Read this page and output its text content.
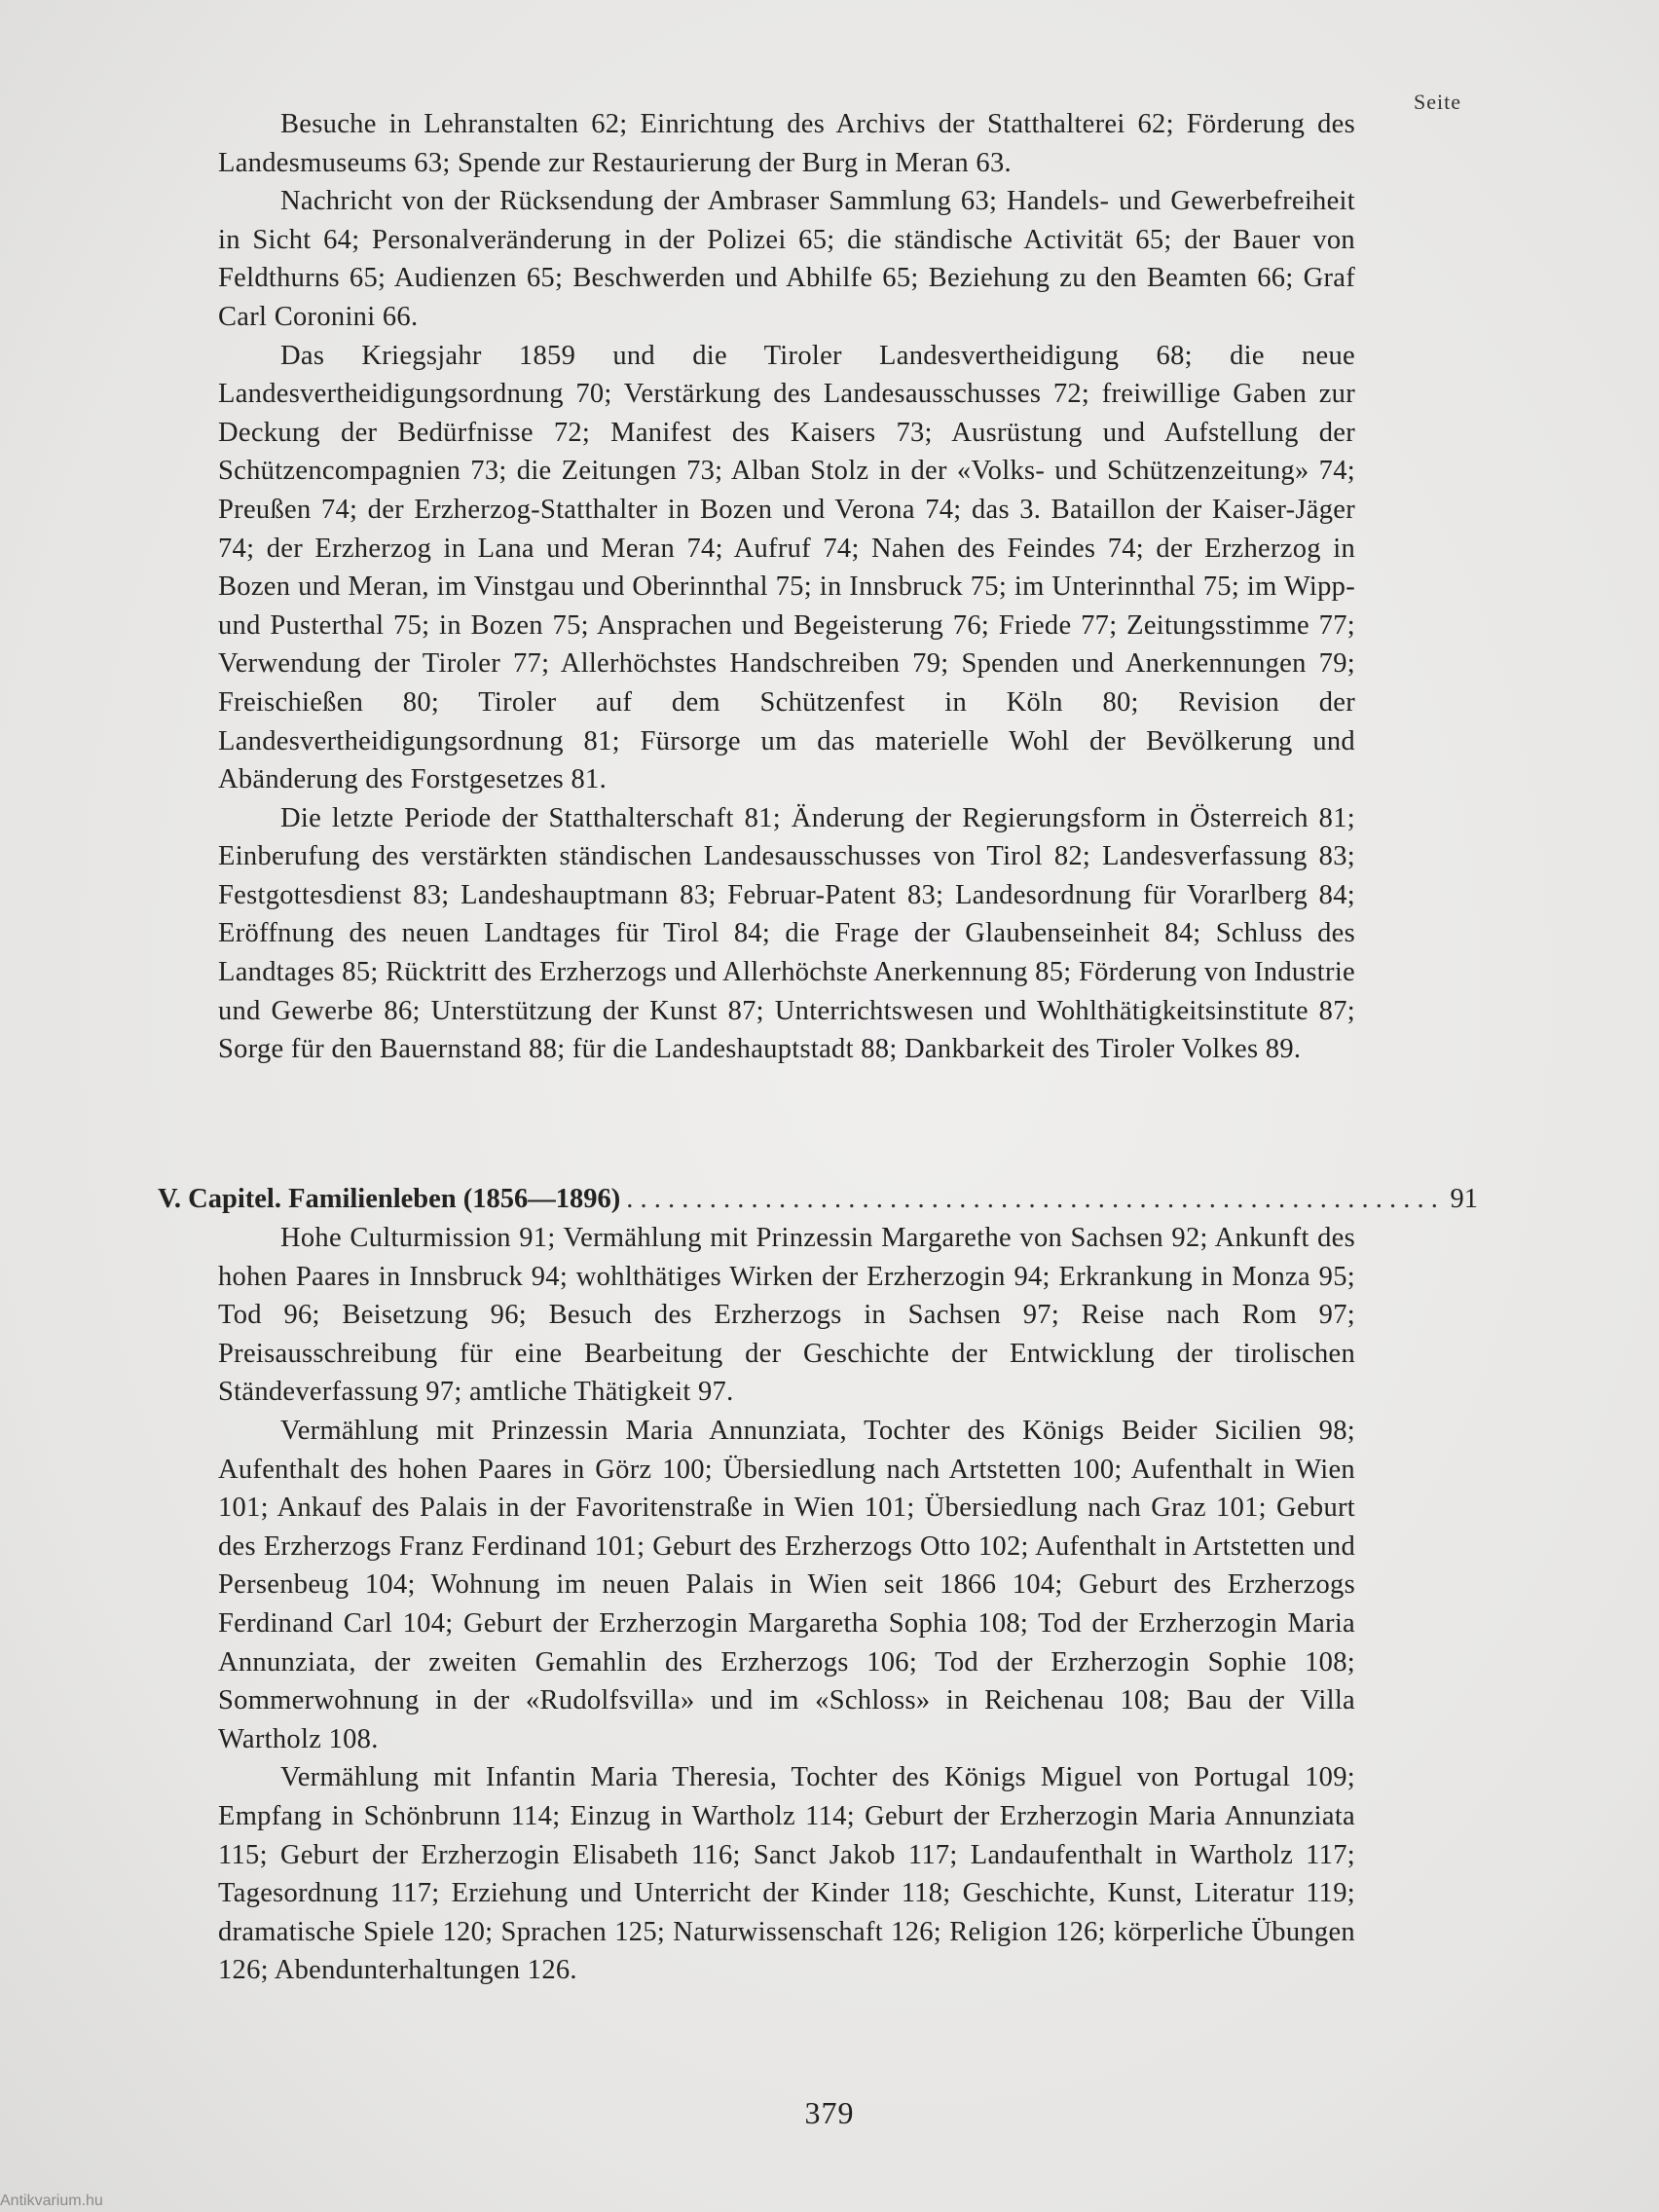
Seite

Besuche in Lehranstalten 62; Einrichtung des Archivs der Statthalterei 62; Förderung des Landesmuseums 63; Spende zur Restaurierung der Burg in Meran 63.

Nachricht von der Rücksendung der Ambraser Sammlung 63; Handels- und Gewerbefreiheit in Sicht 64; Personalveränderung in der Polizei 65; die ständische Activität 65; der Bauer von Feldthurns 65; Audienzen 65; Beschwerden und Abhilfe 65; Beziehung zu den Beamten 66; Graf Carl Coronini 66.

Das Kriegsjahr 1859 und die Tiroler Landesvertheidigung 68; die neue Landesvertheidigungsordnung 70; Verstärkung des Landesausschusses 72; freiwillige Gaben zur Deckung der Bedürfnisse 72; Manifest des Kaisers 73; Ausrüstung und Aufstellung der Schützencompagnien 73; die Zeitungen 73; Alban Stolz in der «Volks- und Schützenzeitung» 74; Preußen 74; der Erzherzog-Statthalter in Bozen und Verona 74; das 3. Bataillon der Kaiser-Jäger 74; der Erzherzog in Lana und Meran 74; Aufruf 74; Nahen des Feindes 74; der Erzherzog in Bozen und Meran, im Vinstgau und Oberinnthal 75; in Innsbruck 75; im Unterinnthal 75; im Wipp- und Pusterthal 75; in Bozen 75; Ansprachen und Begeisterung 76; Friede 77; Zeitungsstimme 77; Verwendung der Tiroler 77; Allerhöchstes Handschreiben 79; Spenden und Anerkennungen 79; Freischießen 80; Tiroler auf dem Schützenfest in Köln 80; Revision der Landesvertheidigungsordnung 81; Fürsorge um das materielle Wohl der Bevölkerung und Abänderung des Forstgesetzes 81.

Die letzte Periode der Statthalterschaft 81; Änderung der Regierungsform in Österreich 81; Einberufung des verstärkten ständischen Landesausschusses von Tirol 82; Landesverfassung 83; Festgottesdienst 83; Landeshauptmann 83; Februar-Patent 83; Landesordnung für Vorarlberg 84; Eröffnung des neuen Landtages für Tirol 84; die Frage der Glaubenseinheit 84; Schluss des Landtages 85; Rücktritt des Erzherzogs und Allerhöchste Anerkennung 85; Förderung von Industrie und Gewerbe 86; Unterstützung der Kunst 87; Unterrichtswesen und Wohlthätigkeitsinstitute 87; Sorge für den Bauernstand 88; für die Landeshauptstadt 88; Dankbarkeit des Tiroler Volkes 89.

V. Capitel. Familienleben (1856—1896)
. . .	91

Hohe Culturmission 91; Vermählung mit Prinzessin Margarethe von Sachsen 92; Ankunft des hohen Paares in Innsbruck 94; wohlthätiges Wirken der Erzherzogin 94; Erkrankung in Monza 95; Tod 96; Beisetzung 96; Besuch des Erzherzogs in Sachsen 97; Reise nach Rom 97; Preisausschreibung für eine Bearbeitung der Geschichte der Entwicklung der tirolischen Ständeverfassung 97; amtliche Thätigkeit 97.

Vermählung mit Prinzessin Maria Annunziata, Tochter des Königs Beider Sicilien 98; Aufenthalt des hohen Paares in Görz 100; Übersiedlung nach Artstetten 100; Aufenthalt in Wien 101; Ankauf des Palais in der Favoritenstraße in Wien 101; Übersiedlung nach Graz 101; Geburt des Erzherzogs Franz Ferdinand 101; Geburt des Erzherzogs Otto 102; Aufenthalt in Artstetten und Persenbeug 104; Wohnung im neuen Palais in Wien seit 1866 104; Geburt des Erzherzogs Ferdinand Carl 104; Geburt der Erzherzogin Margaretha Sophia 108; Tod der Erzherzogin Maria Annunziata, der zweiten Gemahlin des Erzherzogs 106; Tod der Erzherzogin Sophie 108; Sommerwohnung in der «Rudolfsvilla» und im «Schloss» in Reichenau 108; Bau der Villa Wartholz 108.

Vermählung mit Infantin Maria Theresia, Tochter des Königs Miguel von Portugal 109; Empfang in Schönbrunn 114; Einzug in Wartholz 114; Geburt der Erzherzogin Maria Annunziata 115; Geburt der Erzherzogin Elisabeth 116; Sanct Jakob 117; Landaufenthalt in Wartholz 117; Tagesordnung 117; Erziehung und Unterricht der Kinder 118; Geschichte, Kunst, Literatur 119; dramatische Spiele 120; Sprachen 125; Naturwissenschaft 126; Religion 126; körperliche Übungen 126; Abendunterhaltungen 126.

379
Antikvarium.hu
